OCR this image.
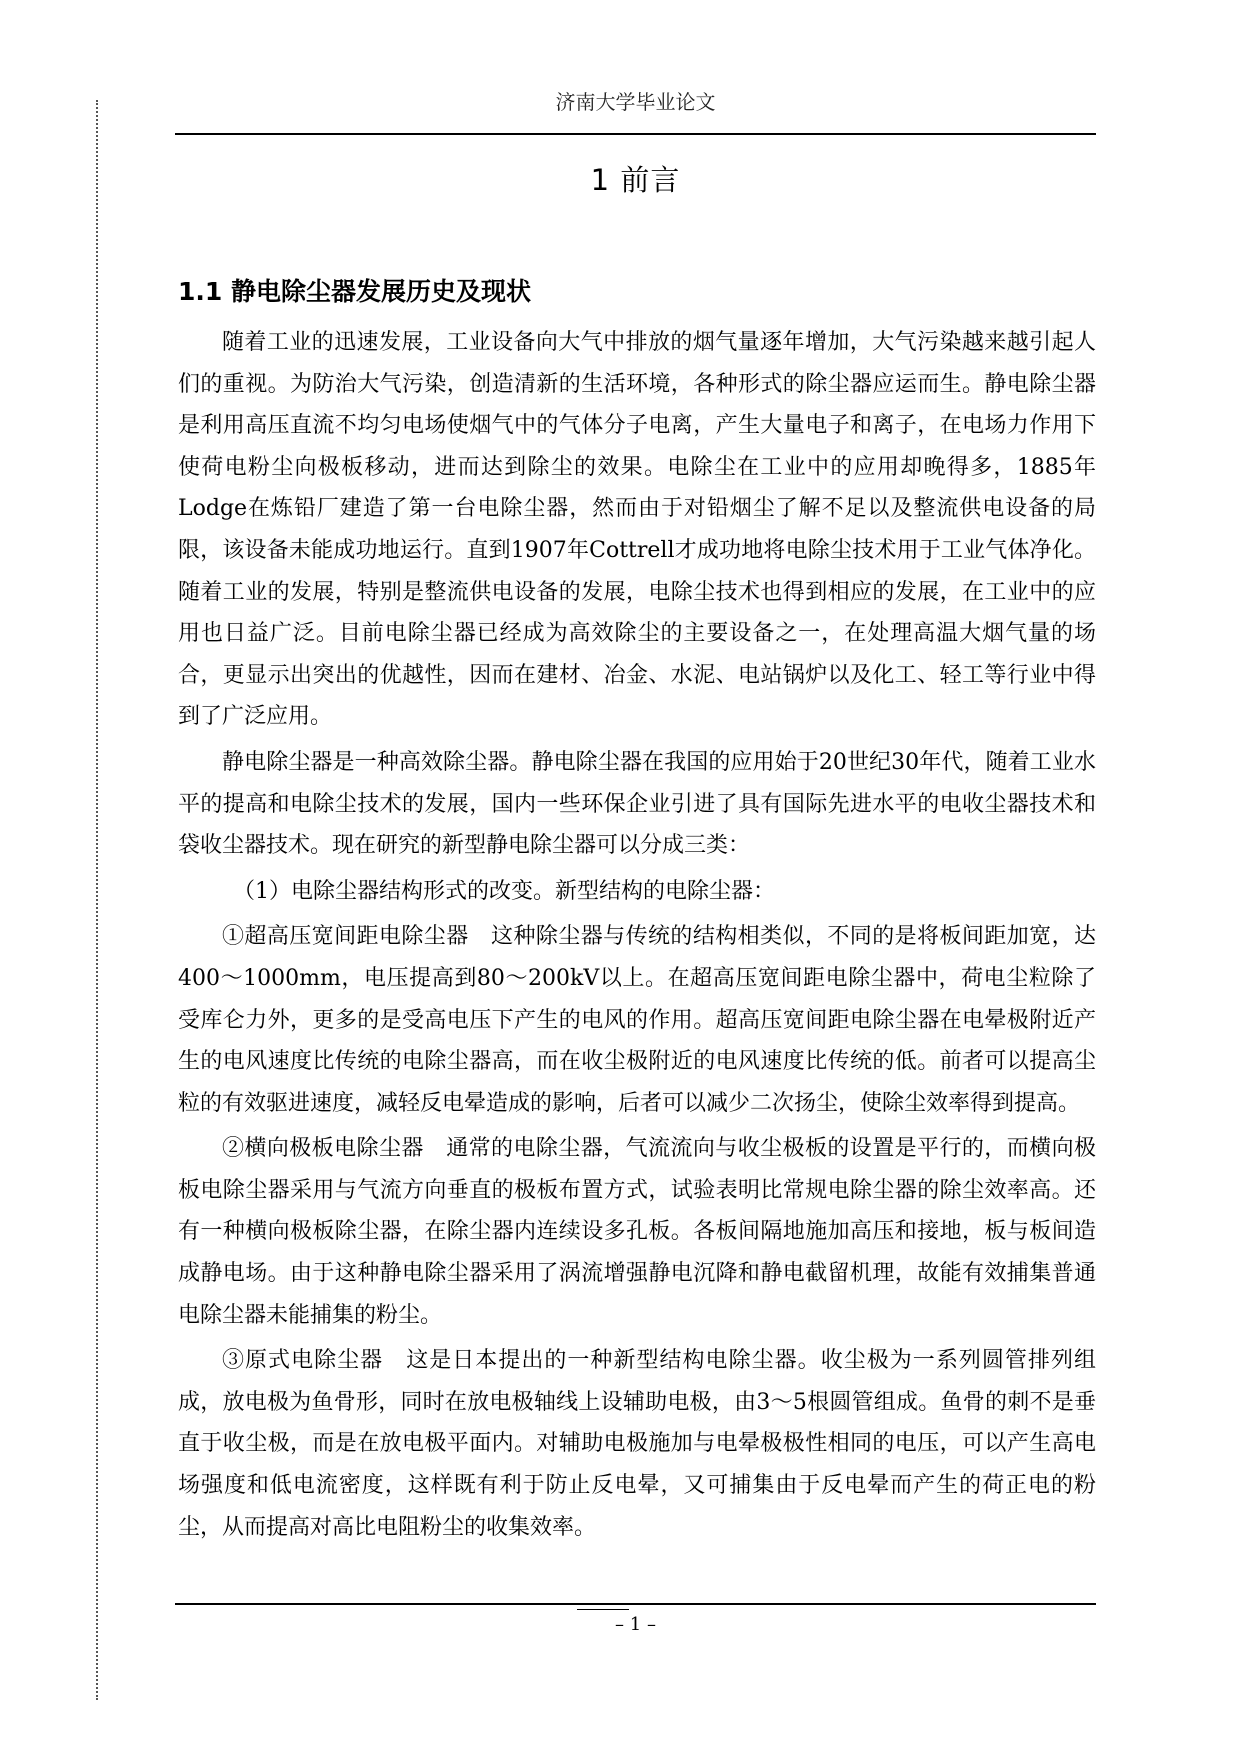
济南大学毕业论文
1 前言
1.1 静电除尘器发展历史及现状

随着工业的迅速发展，工业设备向大气中排放的烟气量逐年增加，大气污染越来越引起人们的重视。为防治大气污染，创造清新的生活环境，各种形式的除尘器应运而生。静电除尘器是利用高压直流不均匀电场使烟气中的气体分子电离，产生大量电子和离子，在电场力作用下使荷电粉尘向极板移动，进而达到除尘的效果。电除尘在工业中的应用却晚得多，1885年Lodge在炼铅厂建造了第一台电除尘器，然而由于对铅烟尘了解不足以及整流供电设备的局限，该设备未能成功地运行。直到1907年Cottrell才成功地将电除尘技术用于工业气体净化。随着工业的发展，特别是整流供电设备的发展，电除尘技术也得到相应的发展，在工业中的应用也日益广泛。目前电除尘器已经成为高效除尘的主要设备之一，在处理高温大烟气量的场合，更显示出突出的优越性，因而在建材、冶金、水泥、电站锅炉以及化工、轻工等行业中得到了广泛应用。

静电除尘器是一种高效除尘器。静电除尘器在我国的应用始于20世纪30年代，随着工业水平的提高和电除尘技术的发展，国内一些环保企业引进了具有国际先进水平的电收尘器技术和袋收尘器技术。现在研究的新型静电除尘器可以分成三类：

（1）电除尘器结构形式的改变。新型结构的电除尘器：

①超高压宽间距电除尘器　这种除尘器与传统的结构相类似，不同的是将板间距加宽，达400～1000mm，电压提高到80～200kV以上。在超高压宽间距电除尘器中，荷电尘粒除了受库仑力外，更多的是受高电压下产生的电风的作用。超高压宽间距电除尘器在电晕极附近产生的电风速度比传统的电除尘器高，而在收尘极附近的电风速度比传统的低。前者可以提高尘粒的有效驱进速度，减轻反电晕造成的影响，后者可以减少二次扬尘，使除尘效率得到提高。

②横向极板电除尘器　通常的电除尘器，气流流向与收尘极板的设置是平行的，而横向极板电除尘器采用与气流方向垂直的极板布置方式，试验表明比常规电除尘器的除尘效率高。还有一种横向极板除尘器，在除尘器内连续设多孔板。各板间隔地施加高压和接地，板与板间造成静电场。由于这种静电除尘器采用了涡流增强静电沉降和静电截留机理，故能有效捕集普通电除尘器未能捕集的粉尘。

③原式电除尘器　这是日本提出的一种新型结构电除尘器。收尘极为一系列圆管排列组成，放电极为鱼骨形，同时在放电极轴线上设辅助电极，由3～5根圆管组成。鱼骨的刺不是垂直于收尘极，而是在放电极平面内。对辅助电极施加与电晕极极性相同的电压，可以产生高电场强度和低电流密度，这样既有利于防止反电晕，又可捕集由于反电晕而产生的荷正电的粉尘，从而提高对高比电阻粉尘的收集效率。

– 1 –
